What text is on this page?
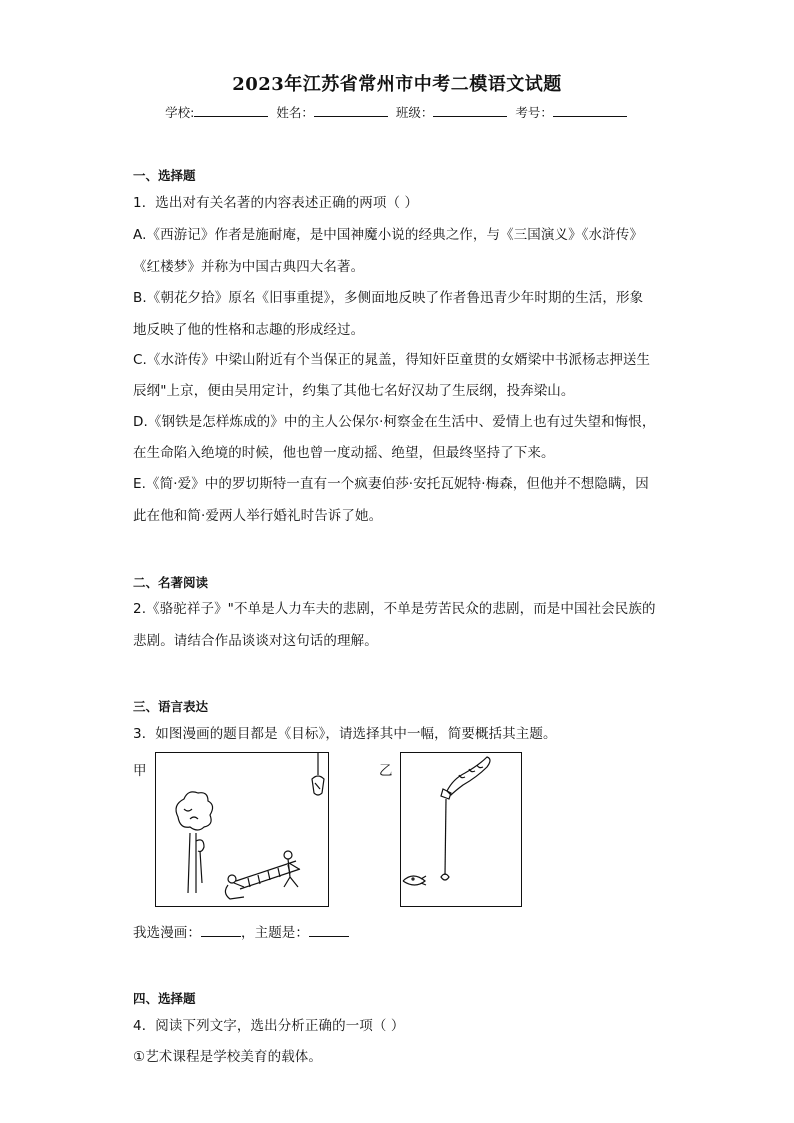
2023年江苏省常州市中考二模语文试题
学校:	姓名：	班级：	考号：
一、选择题
1．选出对有关名著的内容表述正确的两项（ ）
A.《西游记》作者是施耐庵，是中国神魔小说的经典之作，与《三国演义》《水浒传》
《红楼梦》并称为中国古典四大名著。
B.《朝花夕拾》原名《旧事重提》，多侧面地反映了作者鲁迅青少年时期的生活，形象
地反映了他的性格和志趣的形成经过。
C.《水浒传》中梁山附近有个当保正的晁盖，得知奸臣童贯的女婿梁中书派杨志押送生
辰纲"上京，便由吴用定计，约集了其他七名好汉劫了生辰纲，投奔梁山。
D.《钢铁是怎样炼成的》中的主人公保尔·柯察金在生活中、爱情上也有过失望和悔恨，
在生命陷入绝境的时候，他也曾一度动摇、绝望，但最终坚持了下来。
E.《简·爱》中的罗切斯特一直有一个疯妻伯莎·安托瓦妮特·梅森，但他并不想隐瞒，因
此在他和简·爱两人举行婚礼时告诉了她。
二、名著阅读
2.《骆驼祥子》"不单是人力车夫的悲剧，不单是劳苦民众的悲剧，而是中国社会民族的
悲剧。请结合作品谈谈对这句话的理解。
三、语言表达
3．如图漫画的题目都是《目标》，请选择其中一幅，简要概括其主题。
甲	乙
我选漫画：	，主题是：
四、选择题
4．阅读下列文字，选出分析正确的一项（ ）
①艺术课程是学校美育的载体。
